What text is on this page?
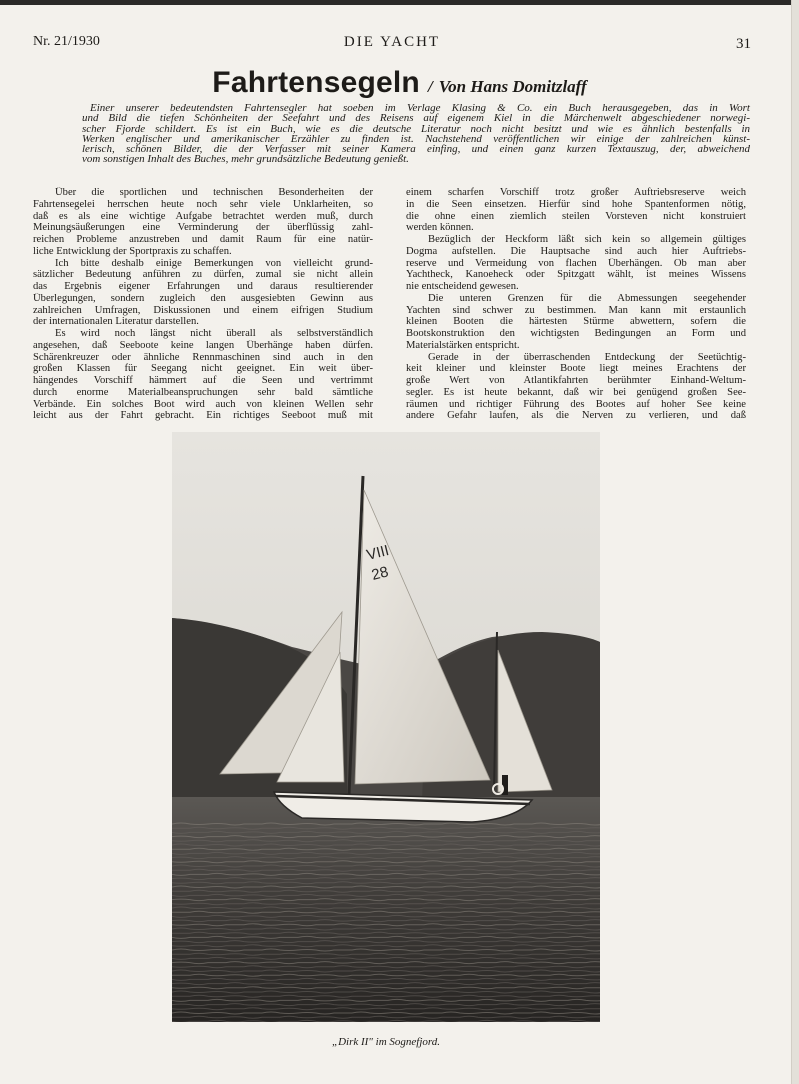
Nr. 21/1930	DIE YACHT	31
Fahrtensegeln / Von Hans Domitzlaff
Einer unserer bedeutendsten Fahrtensegler hat soeben im Verlage Klasing & Co. ein Buch herausgegeben, das in Wort
und Bild die tiefen Schönheiten der Seefahrt und des Reisens auf eigenem Kiel in die Märchenwelt abgeschiedener norwegi-
scher Fjorde schildert. Es ist ein Buch, wie es die deutsche Literatur noch nicht besitzt und wie es ähnlich bestenfalls in
Werken englischer und amerikanischer Erzähler zu finden ist. Nachstehend veröffentlichen wir einige der zahlreichen künst-
lerisch, schönen Bilder, die der Verfasser mit seiner Kamera einfing, und einen ganz kurzen Textauszug, der, abweichend
vom sonstigen Inhalt des Buches, mehr grundsätzliche Bedeutung genießt.
Über die sportlichen und technischen Besonderheiten der
Fahrtensegelei herrschen heute noch sehr viele Unklarheiten, so
daß es als eine wichtige Aufgabe betrachtet werden muß, durch
Meinungsäußerungen eine Verminderung der überflüssig zahl-
reichen Probleme anzustreben und damit Raum für eine natür-
liche Entwicklung der Sportpraxis zu schaffen.
Ich bitte deshalb einige Bemerkungen von vielleicht grund-
sätzlicher Bedeutung anführen zu dürfen, zumal sie nicht allein
das Ergebnis eigener Erfahrungen und daraus resultierender
Überlegungen, sondern zugleich den ausgesiebten Gewinn aus
zahlreichen Umfragen, Diskussionen und einem eifrigen Studium
der internationalen Literatur darstellen.
Es wird noch längst nicht überall als selbstverständlich
angesehen, daß Seeboote keine langen Überhänge haben dürfen.
Schärenkreuzer oder ähnliche Rennmaschinen sind auch in den
großen Klassen für Seegang nicht geeignet. Ein weit über-
hängendes Vorschiff hämmert auf die Seen und vertrimmt
durch enorme Materialbeanspruchungen sehr bald sämtliche
Verbände. Ein solches Boot wird auch von kleinen Wellen sehr
leicht aus der Fahrt gebracht. Ein richtiges Seeboot muß mit
einem scharfen Vorschiff trotz großer Auftriebsreserve weich
in die Seen einsetzen. Hierfür sind hohe Spantenformen nötig,
die ohne einen ziemlich steilen Vorsteven nicht konstruiert
werden können.
Bezüglich der Heckform läßt sich kein so allgemein gültiges
Dogma aufstellen. Die Hauptsache sind auch hier Auftriebs-
reserve und Vermeidung von flachen Überhängen. Ob man aber
Yachtheck, Kanoeheck oder Spitzgatt wählt, ist meines Wissens
nie entscheidend gewesen.
Die unteren Grenzen für die Abmessungen seegehender
Yachten sind schwer zu bestimmen. Man kann mit erstaunlich
kleinen Booten die härtesten Stürme abwettern, sofern die
Bootskonstruktion den wichtigsten Bedingungen an Form und
Materialstärken entspricht.
Gerade in der überraschenden Entdeckung der Seetüchtig-
keit kleiner und kleinster Boote liegt meines Erachtens der
große Wert von Atlantikfahrten berühmter Einhand-Weltum-
segler. Es ist heute bekannt, daß wir bei genügend großen See-
räumen und richtiger Führung des Bootes auf hoher See keine
andere Gefahr laufen, als die Nerven zu verlieren, und daß
VIII
28
„Dirk II" im Sognefjord.
